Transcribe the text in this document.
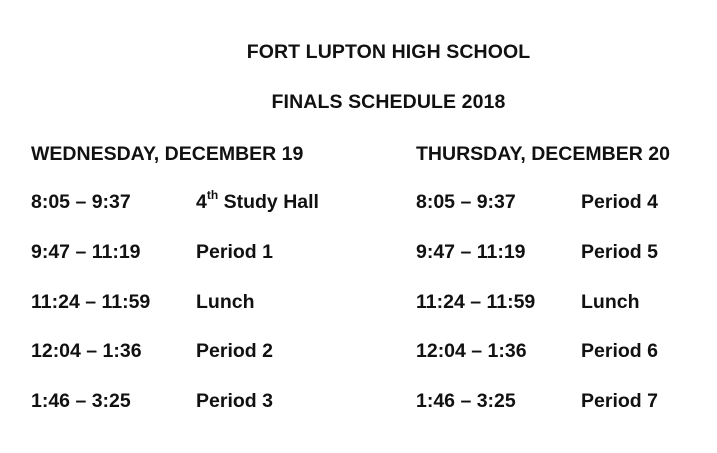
FORT LUPTON HIGH SCHOOL
FINALS SCHEDULE 2018
WEDNESDAY, DECEMBER 19
8:05 – 9:37	4th Study Hall
9:47 – 11:19	Period 1
11:24 – 11:59 Lunch
12:04 – 1:36	Period 2
1:46 – 3:25	Period 3
THURSDAY, DECEMBER 20
8:05 – 9:37	Period 4
9:47 – 11:19	Period 5
11:24 – 11:59 Lunch
12:04 – 1:36	Period 6
1:46 – 3:25	Period 7
